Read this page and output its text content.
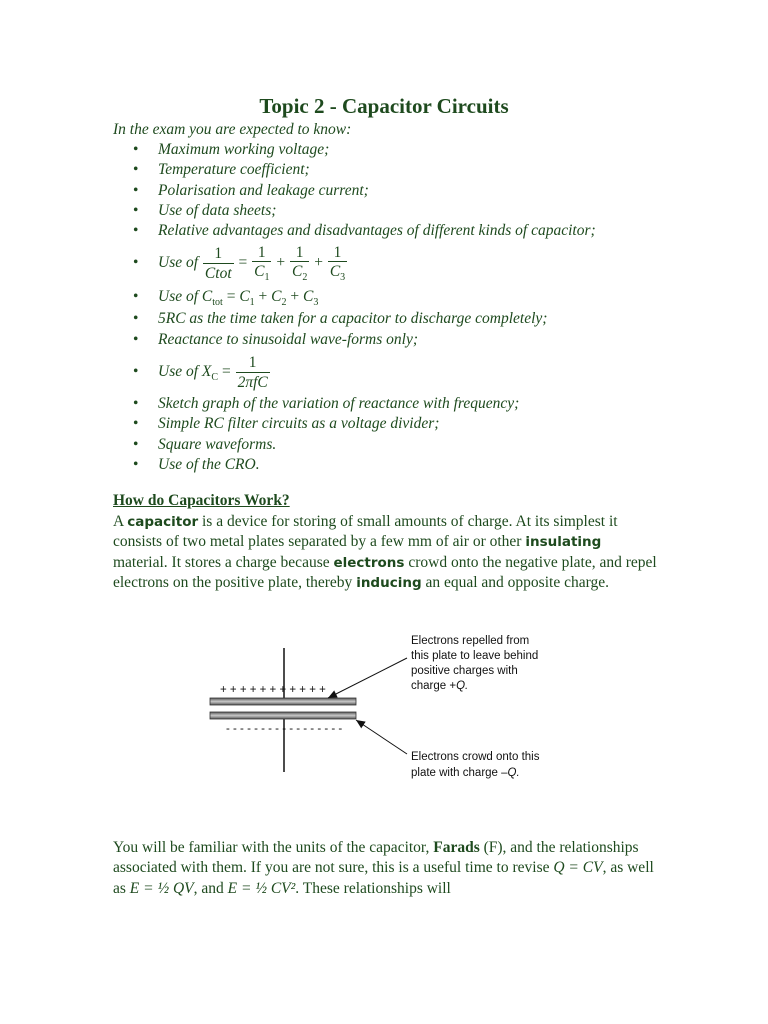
Topic 2 - Capacitor Circuits
In the exam you are expected to know:
• Maximum working voltage;
• Temperature coefficient;
• Polarisation and leakage current;
• Use of data sheets;
• Relative advantages and disadvantages of different kinds of capacitor;
• Use of $\frac{1}{\text{Ctot}} = \frac{1}{C_1} + \frac{1}{C_2} + \frac{1}{C_3}$
• Use of $C_{tot} = C_1 + C_2 + C_3$
• 5RC as the time taken for a capacitor to discharge completely;
• Reactance to sinusoidal wave-forms only;
• Use of $X_C = \frac{1}{\text{2πfC}}$
• Sketch graph of the variation of reactance with frequency;
• Simple RC filter circuits as a voltage divider;
• Square waveforms.
• Use of the CRO.
How do Capacitors Work?
A capacitor is a device for storing of small amounts of charge. At its simplest it consists of two metal plates separated by a few mm of air or other insulating material. It stores a charge because electrons crowd onto the negative plate, and repel electrons on the positive plate, thereby inducing an equal and opposite charge.
+ + + + + + + + + + +
- - - - - - - - - - - - - - - - -
Electrons repelled from
this plate to leave behind
positive charges with
charge +Q.
Electrons crowd onto this
plate with charge –Q.
You will be familiar with the units of the capacitor, Farads (F), and the relationships associated with them. If you are not sure, this is a useful time to revise Q = CV, as well as E = ½ QV, and E = ½ CV². These relationships will
